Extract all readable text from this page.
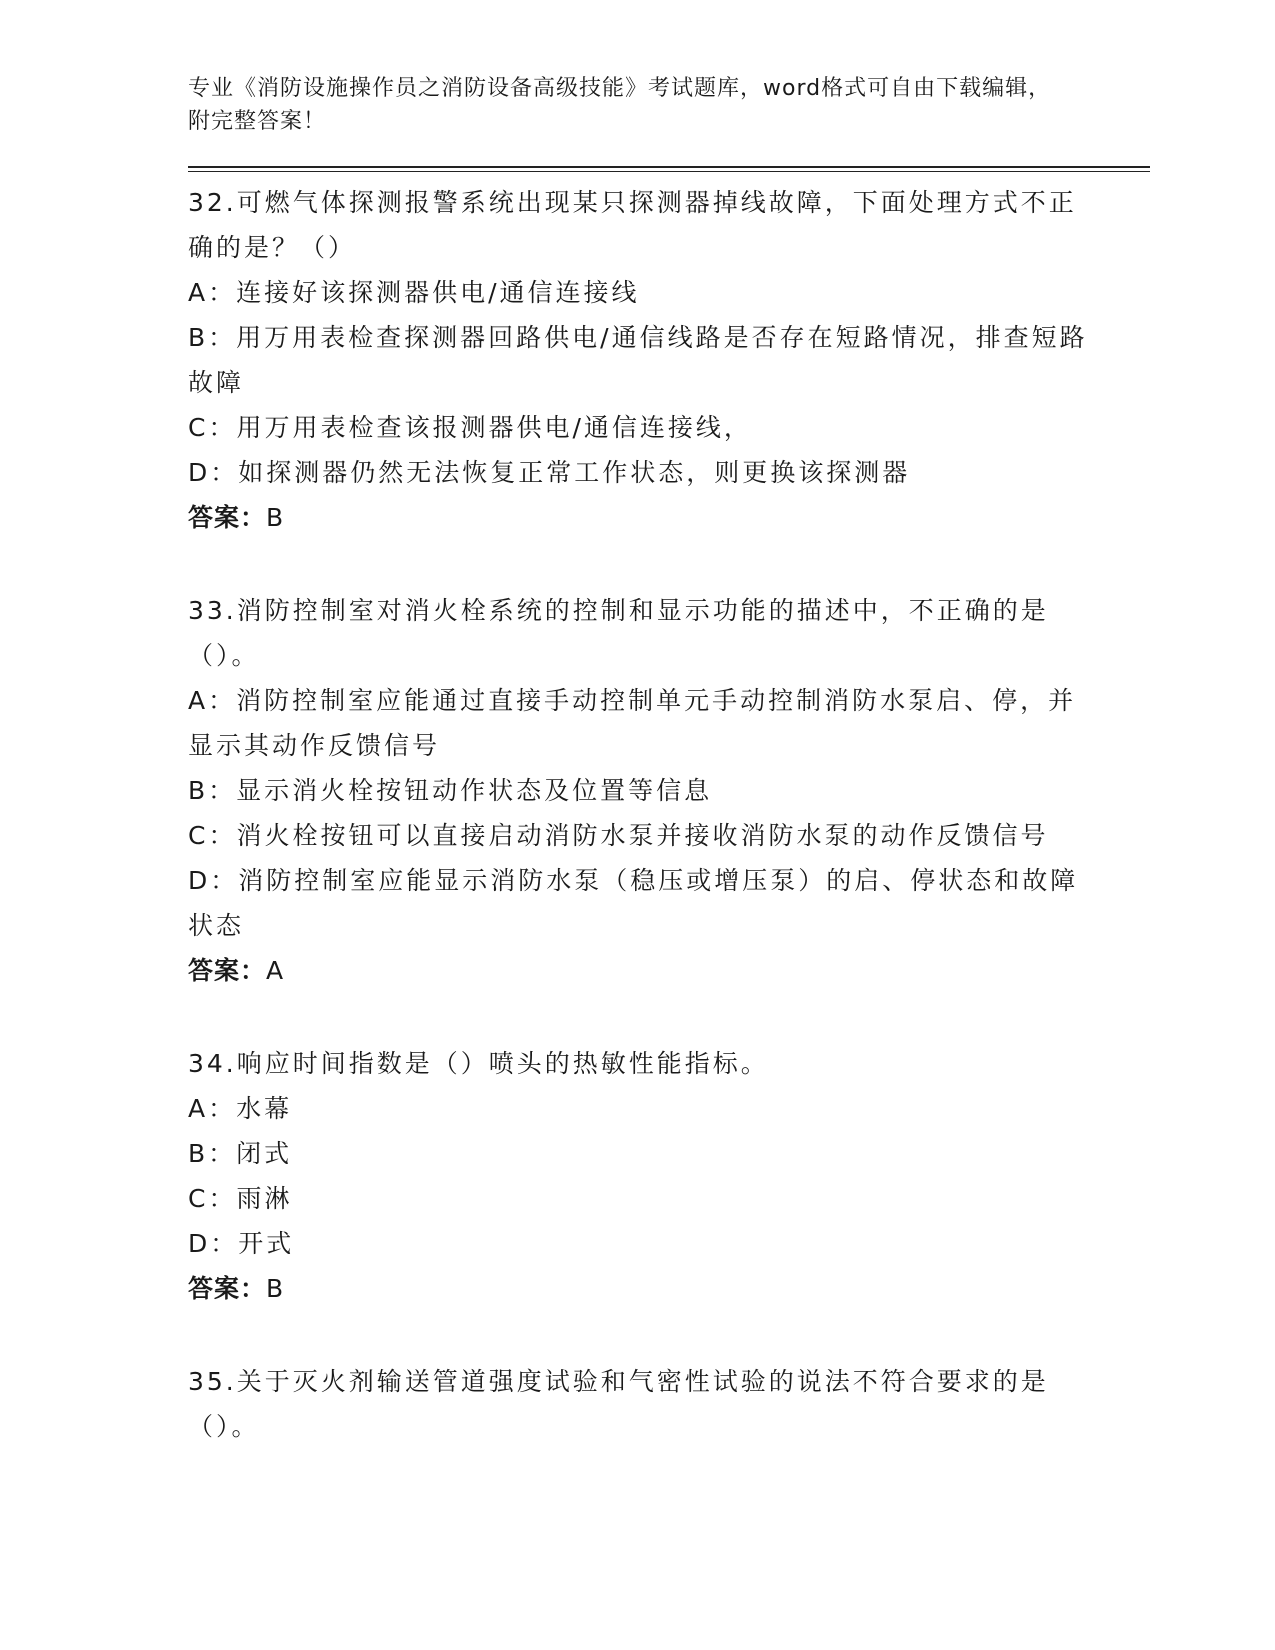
专业《消防设施操作员之消防设备高级技能》考试题库，word格式可自由下载编辑，附完整答案！

32.可燃气体探测报警系统出现某只探测器掉线故障，下面处理方式不正确的是？（）

A：连接好该探测器供电/通信连接线

B：用万用表检查探测器回路供电/通信线路是否存在短路情况，排查短路故障

C：用万用表检查该报测器供电/通信连接线，

D：如探测器仍然无法恢复正常工作状态，则更换该探测器

答案：B

33.消防控制室对消火栓系统的控制和显示功能的描述中，不正确的是（）。

A：消防控制室应能通过直接手动控制单元手动控制消防水泵启、停，并显示其动作反馈信号

B：显示消火栓按钮动作状态及位置等信息

C：消火栓按钮可以直接启动消防水泵并接收消防水泵的动作反馈信号

D：消防控制室应能显示消防水泵（稳压或增压泵）的启、停状态和故障状态

答案：A

34.响应时间指数是（）喷头的热敏性能指标。

A：水幕

B：闭式

C：雨淋

D：开式

答案：B

35.关于灭火剂输送管道强度试验和气密性试验的说法不符合要求的是（）。
